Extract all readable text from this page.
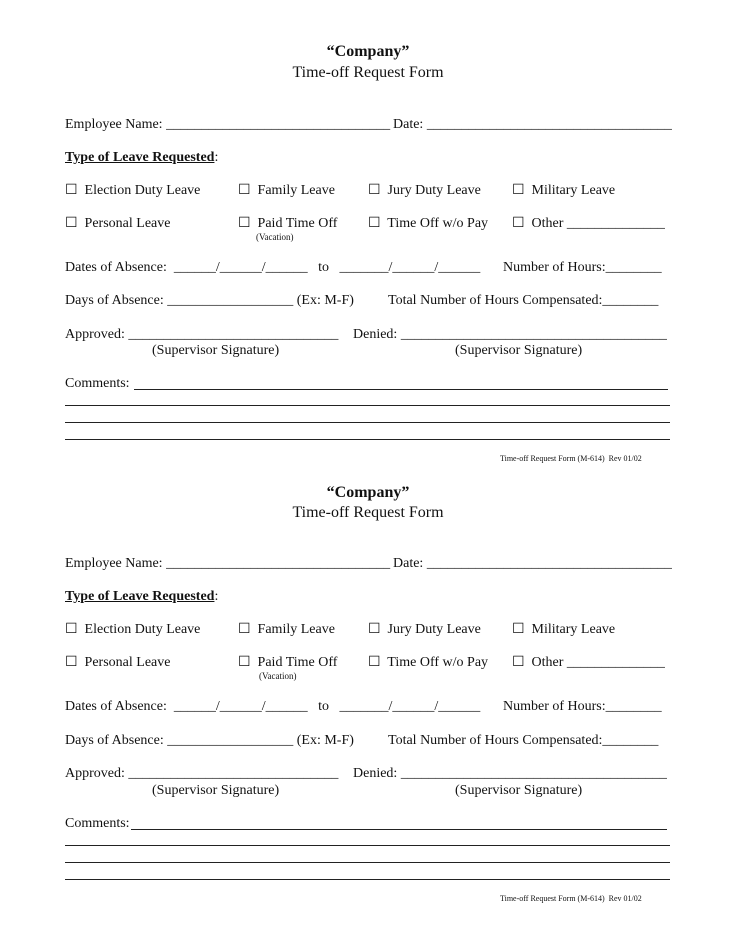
“Company”
Time-off Request Form
Employee Name: ________________________________ Date: ___________________________________
Type of Leave Requested:
☐  Election Duty Leave	☐  Family Leave ☐  Jury Duty Leave ☐  Military Leave
☐  Personal Leave	☐  Paid Time Off
(Vacation)
☐  Time Off w/o Pay ☐  Other ______________
Dates of Absence:  ______/______/______   to   _______/______/______ Number of Hours:________
Days of Absence: __________________ (Ex: M-F) Total Number of Hours Compensated:________
Approved: ______________________________ Denied: ______________________________________
(Supervisor Signature)	(Supervisor Signature)
Comments:
Time-off Request Form (M-614)  Rev 01/02
“Company”
Time-off Request Form
Employee Name: ________________________________ Date: ___________________________________
Type of Leave Requested:
☐  Election Duty Leave	☐  Family Leave ☐  Jury Duty Leave ☐  Military Leave
☐  Personal Leave	☐  Paid Time Off
(Vacation)
☐  Time Off w/o Pay ☐  Other ______________
Dates of Absence:  ______/______/______   to   _______/______/______ Number of Hours:________
Days of Absence: __________________ (Ex: M-F) Total Number of Hours Compensated:________
Approved: ______________________________ Denied: ______________________________________
(Supervisor Signature)	(Supervisor Signature)
Comments:
Time-off Request Form (M-614)  Rev 01/02
